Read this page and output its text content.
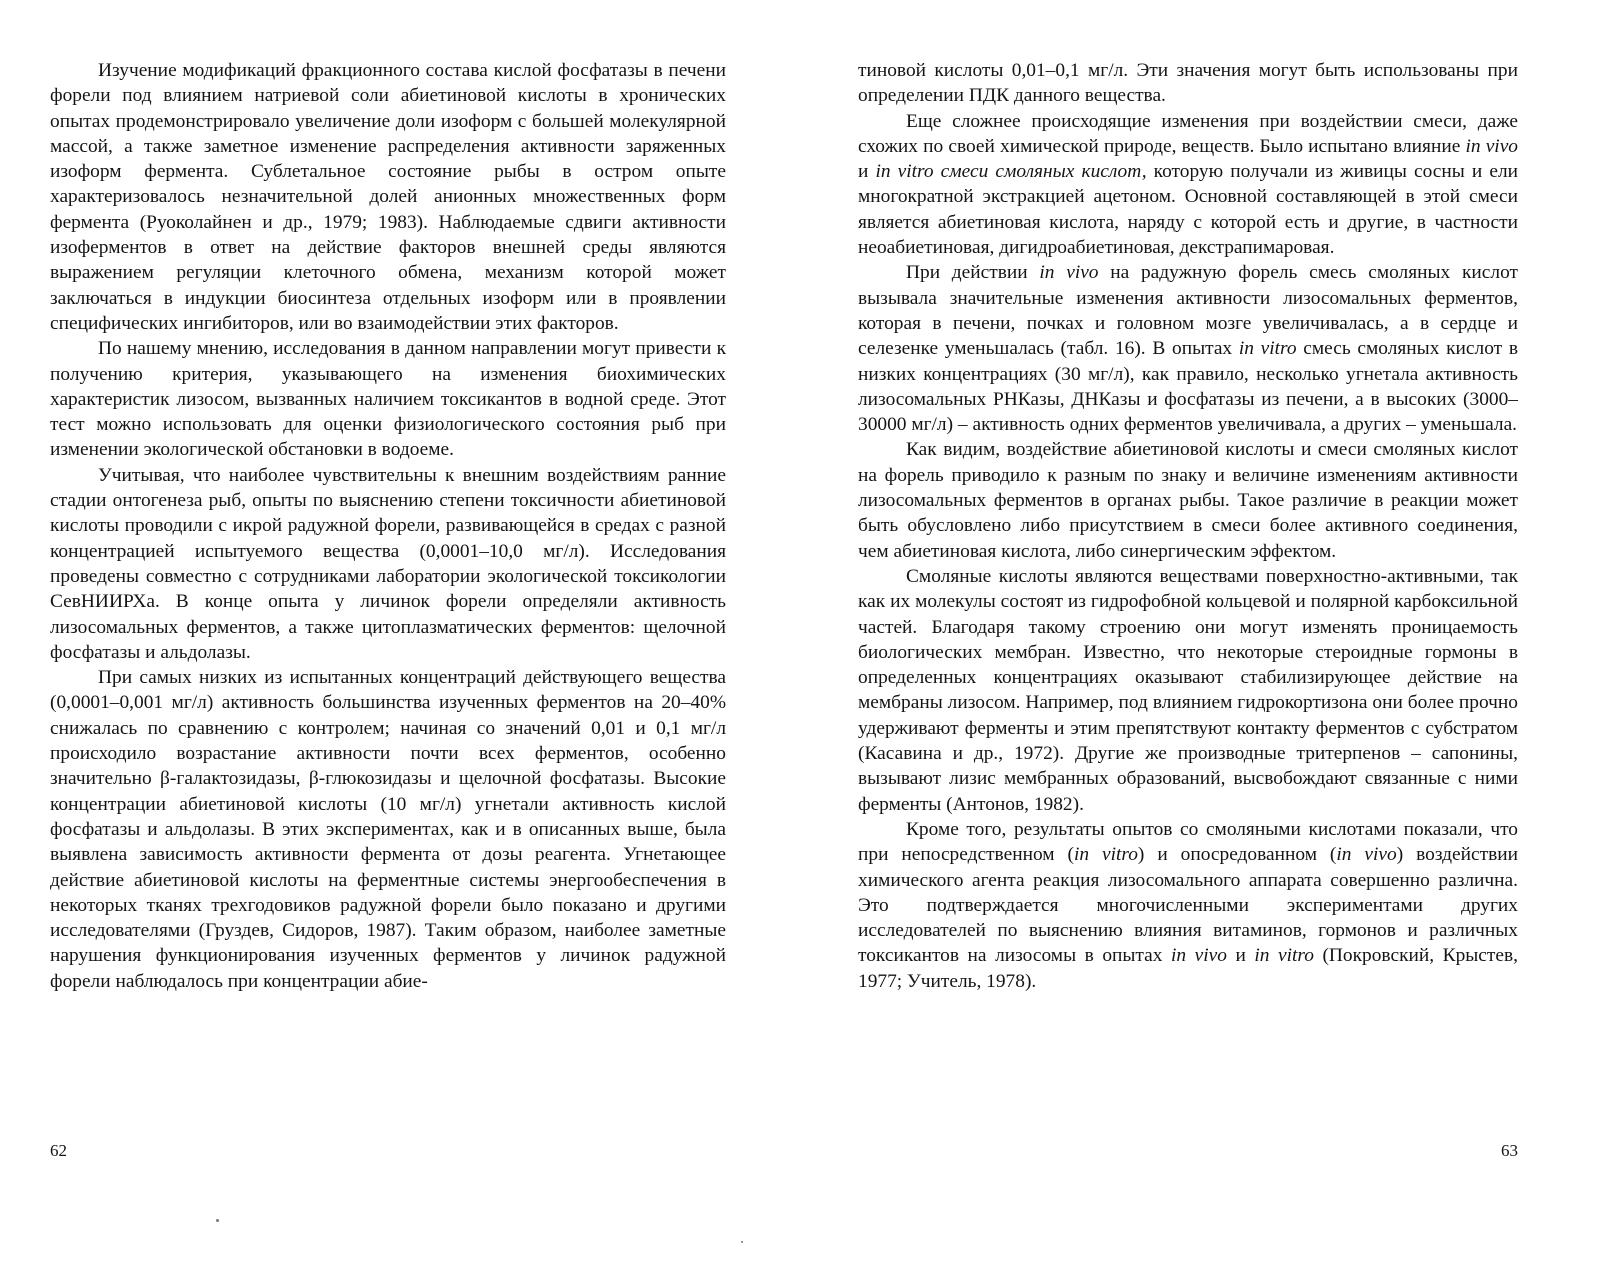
Изучение модификаций фракционного состава кислой фосфатазы в печени форели под влиянием натриевой соли абиетиновой кислоты в хронических опытах продемонстрировало увеличение доли изоформ с большей молекулярной массой, а также заметное изменение распределения активности заряженных изоформ фермента. Сублетальное состояние рыбы в остром опыте характеризовалось незначительной долей анионных множественных форм фермента (Руоколайнен и др., 1979; 1983). Наблюдаемые сдвиги активности изоферментов в ответ на действие факторов внешней среды являются выражением регуляции клеточного обмена, механизм которой может заключаться в индукции биосинтеза отдельных изоформ или в проявлении специфических ингибиторов, или во взаимодействии этих факторов.

По нашему мнению, исследования в данном направлении могут привести к получению критерия, указывающего на изменения биохимических характеристик лизосом, вызванных наличием токсикантов в водной среде. Этот тест можно использовать для оценки физиологического состояния рыб при изменении экологической обстановки в водоеме.

Учитывая, что наиболее чувствительны к внешним воздействиям ранние стадии онтогенеза рыб, опыты по выяснению степени токсичности абиетиновой кислоты проводили с икрой радужной форели, развивающейся в средах с разной концентрацией испытуемого вещества (0,0001–10,0 мг/л). Исследования проведены совместно с сотрудниками лаборатории экологической токсикологии СевНИИРХа. В конце опыта у личинок форели определяли активность лизосомальных ферментов, а также цитоплазматических ферментов: щелочной фосфатазы и альдолазы.

При самых низких из испытанных концентраций действующего вещества (0,0001–0,001 мг/л) активность большинства изученных ферментов на 20–40% снижалась по сравнению с контролем; начиная со значений 0,01 и 0,1 мг/л происходило возрастание активности почти всех ферментов, особенно значительно β-галактозидазы, β-глюкозидазы и щелочной фосфатазы. Высокие концентрации абиетиновой кислоты (10 мг/л) угнетали активность кислой фосфатазы и альдолазы. В этих экспериментах, как и в описанных выше, была выявлена зависимость активности фермента от дозы реагента. Угнетающее действие абиетиновой кислоты на ферментные системы энергообеспечения в некоторых тканях трехгодовиков радужной форели было показано и другими исследователями (Груздев, Сидоров, 1987). Таким образом, наиболее заметные нарушения функционирования изученных ферментов у личинок радужной форели наблюдалось при концентрации абие-

62

тиновой кислоты 0,01–0,1 мг/л. Эти значения могут быть использованы при определении ПДК данного вещества.

Еще сложнее происходящие изменения при воздействии смеси, даже схожих по своей химической природе, веществ. Было испытано влияние in vivo и in vitro смеси смоляных кислот, которую получали из живицы сосны и ели многократной экстракцией ацетоном. Основной составляющей в этой смеси является абиетиновая кислота, наряду с которой есть и другие, в частности неоабиетиновая, дигидроабиетиновая, декстрапимаровая.

При действии in vivo на радужную форель смесь смоляных кислот вызывала значительные изменения активности лизосомальных ферментов, которая в печени, почках и головном мозге увеличивалась, а в сердце и селезенке уменьшалась (табл. 16). В опытах in vitro смесь смоляных кислот в низких концентрациях (30 мг/л), как правило, несколько угнетала активность лизосомальных РНКазы, ДНКазы и фосфатазы из печени, а в высоких (3000–30000 мг/л) – активность одних ферментов увеличивала, а других – уменьшала.

Как видим, воздействие абиетиновой кислоты и смеси смоляных кислот на форель приводило к разным по знаку и величине изменениям активности лизосомальных ферментов в органах рыбы. Такое различие в реакции может быть обусловлено либо присутствием в смеси более активного соединения, чем абиетиновая кислота, либо синергическим эффектом.

Смоляные кислоты являются веществами поверхностно-активными, так как их молекулы состоят из гидрофобной кольцевой и полярной карбоксильной частей. Благодаря такому строению они могут изменять проницаемость биологических мембран. Известно, что некоторые стероидные гормоны в определенных концентрациях оказывают стабилизирующее действие на мембраны лизосом. Например, под влиянием гидрокортизона они более прочно удерживают ферменты и этим препятствуют контакту ферментов с субстратом (Касавина и др., 1972). Другие же производные тритерпенов – сапонины, вызывают лизис мембранных образований, высвобождают связанные с ними ферменты (Антонов, 1982).

Кроме того, результаты опытов со смоляными кислотами показали, что при непосредственном (in vitro) и опосредованном (in vivo) воздействии химического агента реакция лизосомального аппарата совершенно различна. Это подтверждается многочисленными экспериментами других исследователей по выяснению влияния витаминов, гормонов и различных токсикантов на лизосомы в опытах in vivo и in vitro (Покровский, Крыстев, 1977; Учитель, 1978).

63
